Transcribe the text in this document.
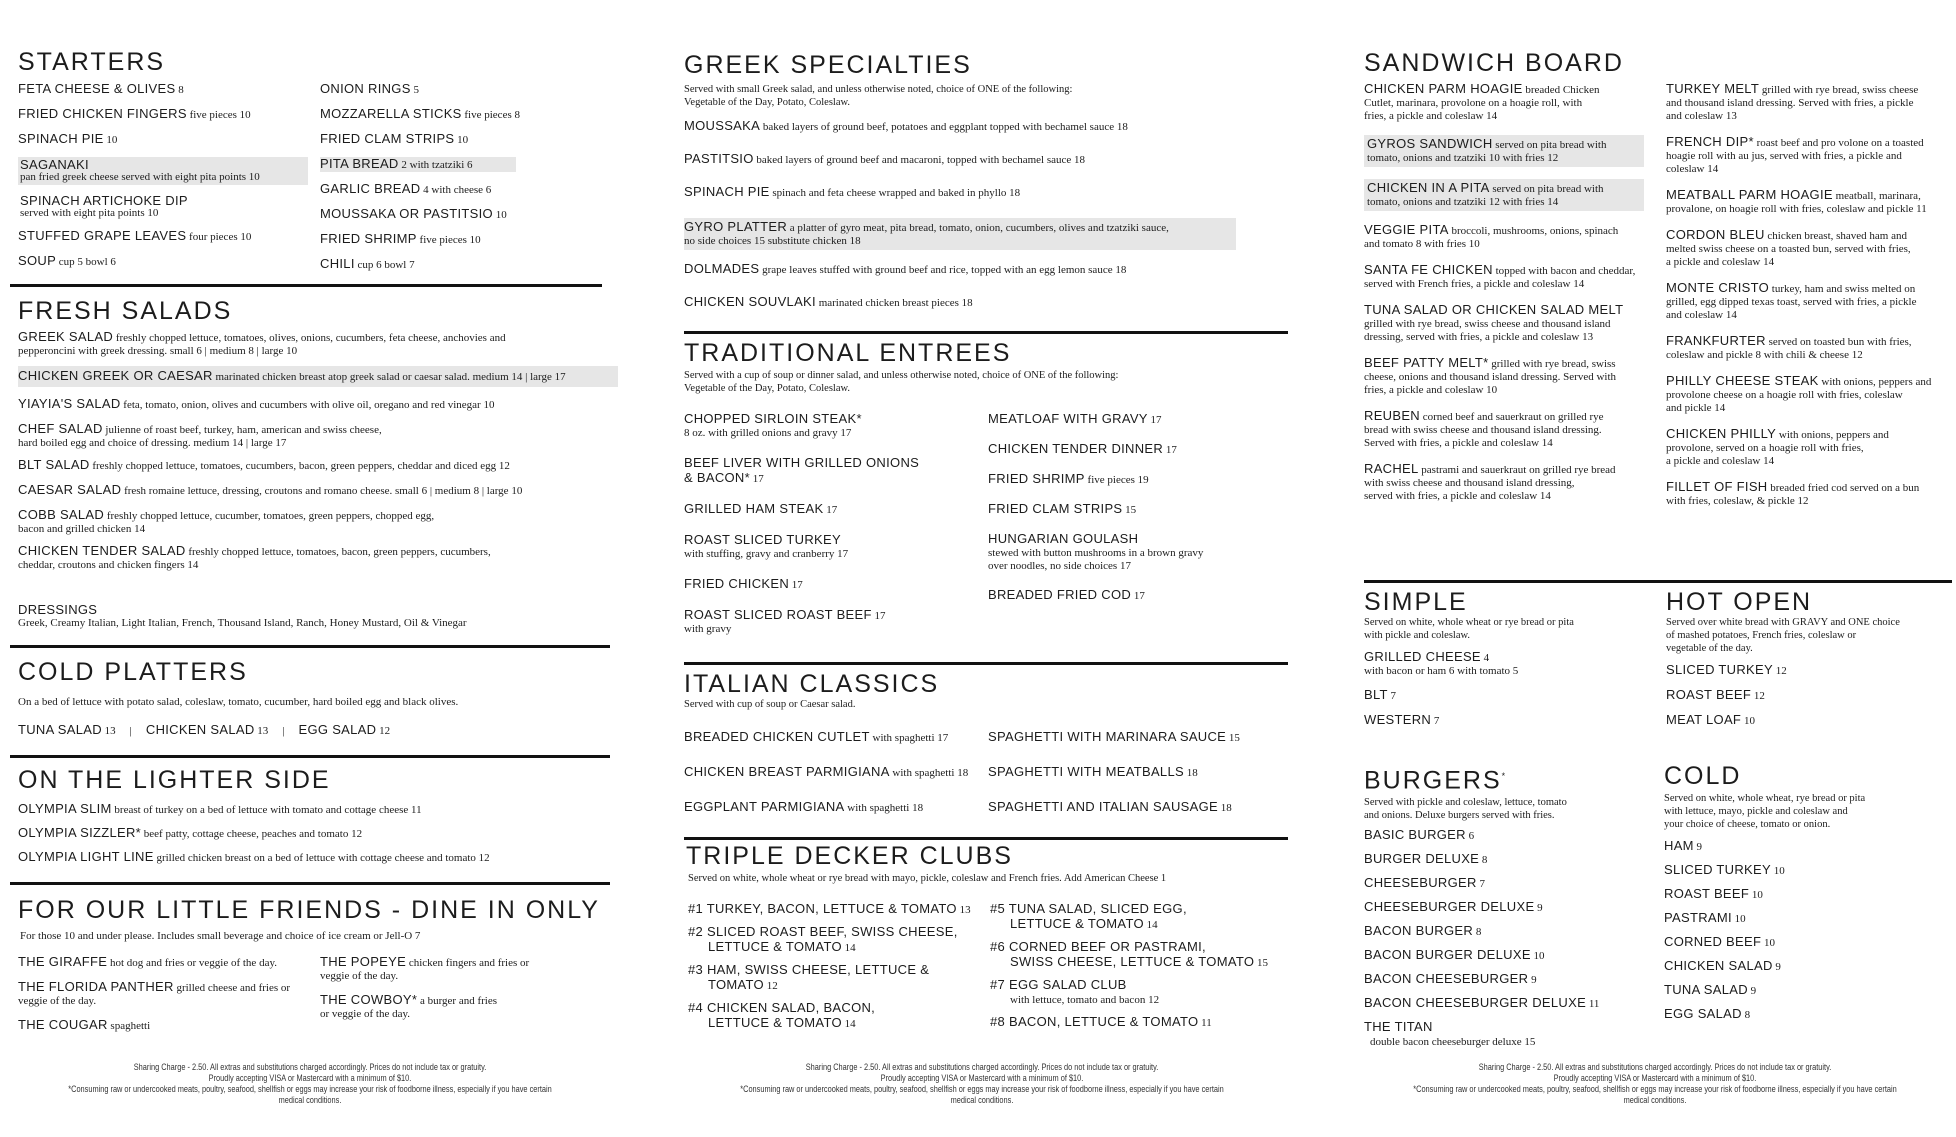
STARTERS
FETA CHEESE & OLIVES 8
FRIED CHICKEN FINGERS five pieces 10
SPINACH PIE 10
SAGANAKI
pan fried greek cheese served with eight pita points 10
SPINACH ARTICHOKE DIP
served with eight pita points 10
STUFFED GRAPE LEAVES four pieces 10
SOUP cup 5 bowl 6
ONION RINGS 5
MOZZARELLA STICKS five pieces 8
FRIED CLAM STRIPS 10
PITA BREAD 2 with tzatziki 6
GARLIC BREAD 4 with cheese 6
MOUSSAKA OR PASTITSIO 10
FRIED SHRIMP five pieces 10
CHILI cup 6 bowl 7
FRESH SALADS
GREEK SALAD freshly chopped lettuce, tomatoes, olives, onions, cucumbers, feta cheese, anchovies and
pepperoncini with greek dressing. small 6 | medium 8 | large 10
CHICKEN GREEK OR CAESAR marinated chicken breast atop greek salad or caesar salad. medium 14 | large 17
YIAYIA'S SALAD feta, tomato, onion, olives and cucumbers with olive oil, oregano and red vinegar 10
CHEF SALAD julienne of roast beef, turkey, ham, american and swiss cheese,
hard boiled egg and choice of dressing. medium 14 | large 17
BLT SALAD freshly chopped lettuce, tomatoes, cucumbers, bacon, green peppers, cheddar and diced egg 12
CAESAR SALAD fresh romaine lettuce, dressing, croutons and romano cheese. small 6 | medium 8 | large 10
COBB SALAD freshly chopped lettuce, cucumber, tomatoes, green peppers, chopped egg,
bacon and grilled chicken 14
CHICKEN TENDER SALAD freshly chopped lettuce, tomatoes, bacon, green peppers, cucumbers,
cheddar, croutons and chicken fingers 14
DRESSINGS
Greek, Creamy Italian, Light Italian, French, Thousand Island, Ranch, Honey Mustard, Oil & Vinegar
COLD PLATTERS
On a bed of lettuce with potato salad, coleslaw, tomato, cucumber, hard boiled egg and black olives.
TUNA SALAD 13 | CHICKEN SALAD 13 | EGG SALAD 12
ON THE LIGHTER SIDE
OLYMPIA SLIM breast of turkey on a bed of lettuce with tomato and cottage cheese 11
OLYMPIA SIZZLER* beef patty, cottage cheese, peaches and tomato 12
OLYMPIA LIGHT LINE grilled chicken breast on a bed of lettuce with cottage cheese and tomato 12
FOR OUR LITTLE FRIENDS - DINE IN ONLY
For those 10 and under please. Includes small beverage and choice of ice cream or Jell-O 7
THE GIRAFFE hot dog and fries or veggie of the day.
THE FLORIDA PANTHER grilled cheese and fries or
veggie of the day.
THE COUGAR spaghetti
THE POPEYE chicken fingers and fries or
veggie of the day.
THE COWBOY* a burger and fries
or veggie of the day.
Sharing Charge - 2.50. All extras and substitutions charged accordingly. Prices do not include tax or gratuity.
Proudly accepting VISA or Mastercard with a minimum of $10.
*Consuming raw or undercooked meats, poultry, seafood, shellfish or eggs may increase your risk of foodborne illness, especially if you have certain medical conditions.
GREEK SPECIALTIES
Served with small Greek salad, and unless otherwise noted, choice of ONE of the following:
Vegetable of the Day, Potato, Coleslaw.
MOUSSAKA baked layers of ground beef, potatoes and eggplant topped with bechamel sauce 18
PASTITSIO baked layers of ground beef and macaroni, topped with bechamel sauce 18
SPINACH PIE spinach and feta cheese wrapped and baked in phyllo 18
GYRO PLATTER a platter of gyro meat, pita bread, tomato, onion, cucumbers, olives and tzatziki sauce,
no side choices 15 substitute chicken 18
DOLMADES grape leaves stuffed with ground beef and rice, topped with an egg lemon sauce 18
CHICKEN SOUVLAKI marinated chicken breast pieces 18
TRADITIONAL ENTREES
Served with a cup of soup or dinner salad, and unless otherwise noted, choice of ONE of the following:
Vegetable of the Day, Potato, Coleslaw.
CHOPPED SIRLOIN STEAK*
8 oz. with grilled onions and gravy 17
BEEF LIVER WITH GRILLED ONIONS
& BACON* 17
GRILLED HAM STEAK 17
ROAST SLICED TURKEY
with stuffing, gravy and cranberry 17
FRIED CHICKEN 17
ROAST SLICED ROAST BEEF 17
with gravy
MEATLOAF WITH GRAVY 17
CHICKEN TENDER DINNER 17
FRIED SHRIMP five pieces 19
FRIED CLAM STRIPS 15
HUNGARIAN GOULASH
stewed with button mushrooms in a brown gravy
over noodles, no side choices 17
BREADED FRIED COD 17
ITALIAN CLASSICS
Served with cup of soup or Caesar salad.
BREADED CHICKEN CUTLET with spaghetti 17
CHICKEN BREAST PARMIGIANA with spaghetti 18
EGGPLANT PARMIGIANA with spaghetti 18
SPAGHETTI WITH MARINARA SAUCE 15
SPAGHETTI WITH MEATBALLS 18
SPAGHETTI AND ITALIAN SAUSAGE 18
TRIPLE DECKER CLUBS
Served on white, whole wheat or rye bread with mayo, pickle, coleslaw and French fries. Add American Cheese 1
#1 TURKEY, BACON, LETTUCE & TOMATO 13
#2 SLICED ROAST BEEF, SWISS CHEESE,
LETTUCE & TOMATO 14
#3 HAM, SWISS CHEESE, LETTUCE &
TOMATO 12
#4 CHICKEN SALAD, BACON,
LETTUCE & TOMATO 14
#5 TUNA SALAD, SLICED EGG,
LETTUCE & TOMATO 14
#6 CORNED BEEF OR PASTRAMI,
SWISS CHEESE, LETTUCE & TOMATO 15
#7 EGG SALAD CLUB
with lettuce, tomato and bacon 12
#8 BACON, LETTUCE & TOMATO 11
Sharing Charge - 2.50. All extras and substitutions charged accordingly. Prices do not include tax or gratuity.
Proudly accepting VISA or Mastercard with a minimum of $10.
*Consuming raw or undercooked meats, poultry, seafood, shellfish or eggs may increase your risk of foodborne illness, especially if you have certain medical conditions.
SANDWICH BOARD
CHICKEN PARM HOAGIE breaded Chicken
Cutlet, marinara, provolone on a hoagie roll, with
fries, a pickle and coleslaw 14
GYROS SANDWICH served on pita bread with
tomato, onions and tzatziki 10 with fries 12
CHICKEN IN A PITA served on pita bread with
tomato, onions and tzatziki 12 with fries 14
VEGGIE PITA broccoli, mushrooms, onions, spinach
and tomato 8 with fries 10
SANTA FE CHICKEN topped with bacon and cheddar,
served with French fries, a pickle and coleslaw 14
TUNA SALAD OR CHICKEN SALAD MELT
grilled with rye bread, swiss cheese and thousand island
dressing, served with fries, a pickle and coleslaw 13
BEEF PATTY MELT* grilled with rye bread, swiss
cheese, onions and thousand island dressing. Served with
fries, a pickle and coleslaw 10
REUBEN corned beef and sauerkraut on grilled rye
bread with swiss cheese and thousand island dressing.
Served with fries, a pickle and coleslaw 14
RACHEL pastrami and sauerkraut on grilled rye bread
with swiss cheese and thousand island dressing,
served with fries, a pickle and coleslaw 14
TURKEY MELT grilled with rye bread, swiss cheese
and thousand island dressing. Served with fries, a pickle
and coleslaw 13
FRENCH DIP* roast beef and pro volone on a toasted
hoagie roll with au jus, served with fries, a pickle and
coleslaw 14
MEATBALL PARM HOAGIE meatball, marinara,
provalone, on hoagie roll with fries, coleslaw and pickle 11
CORDON BLEU chicken breast, shaved ham and
melted swiss cheese on a toasted bun, served with fries,
a pickle and coleslaw 14
MONTE CRISTO turkey, ham and swiss melted on
grilled, egg dipped texas toast, served with fries, a pickle
and coleslaw 14
FRANKFURTER served on toasted bun with fries,
coleslaw and pickle 8 with chili & cheese 12
PHILLY CHEESE STEAK with onions, peppers and
provolone cheese on a hoagie roll with fries, coleslaw
and pickle 14
CHICKEN PHILLY with onions, peppers and
provolone, served on a hoagie roll with fries,
a pickle and coleslaw 14
FILLET OF FISH breaded fried cod served on a bun
with fries, coleslaw, & pickle 12
SIMPLE
Served on white, whole wheat or rye bread or pita
with pickle and coleslaw.
GRILLED CHEESE 4
with bacon or ham 6 with tomato 5
BLT 7
WESTERN 7
HOT OPEN
Served over white bread with GRAVY and ONE choice
of mashed potatoes, French fries, coleslaw or
vegetable of the day.
SLICED TURKEY 12
ROAST BEEF 12
MEAT LOAF 10
BURGERS*
Served with pickle and coleslaw, lettuce, tomato
and onions. Deluxe burgers served with fries.
BASIC BURGER 6
BURGER DELUXE 8
CHEESEBURGER 7
CHEESEBURGER DELUXE 9
BACON BURGER 8
BACON BURGER DELUXE 10
BACON CHEESEBURGER 9
BACON CHEESEBURGER DELUXE 11
THE TITAN
double bacon cheeseburger deluxe 15
COLD
Served on white, whole wheat, rye bread or pita
with lettuce, mayo, pickle and coleslaw and
your choice of cheese, tomato or onion.
HAM 9
SLICED TURKEY 10
ROAST BEEF 10
PASTRAMI 10
CORNED BEEF 10
CHICKEN SALAD 9
TUNA SALAD 9
EGG SALAD 8
Sharing Charge - 2.50. All extras and substitutions charged accordingly. Prices do not include tax or gratuity.
Proudly accepting VISA or Mastercard with a minimum of $10.
*Consuming raw or undercooked meats, poultry, seafood, shellfish or eggs may increase your risk of foodborne illness, especially if you have certain medical conditions.
